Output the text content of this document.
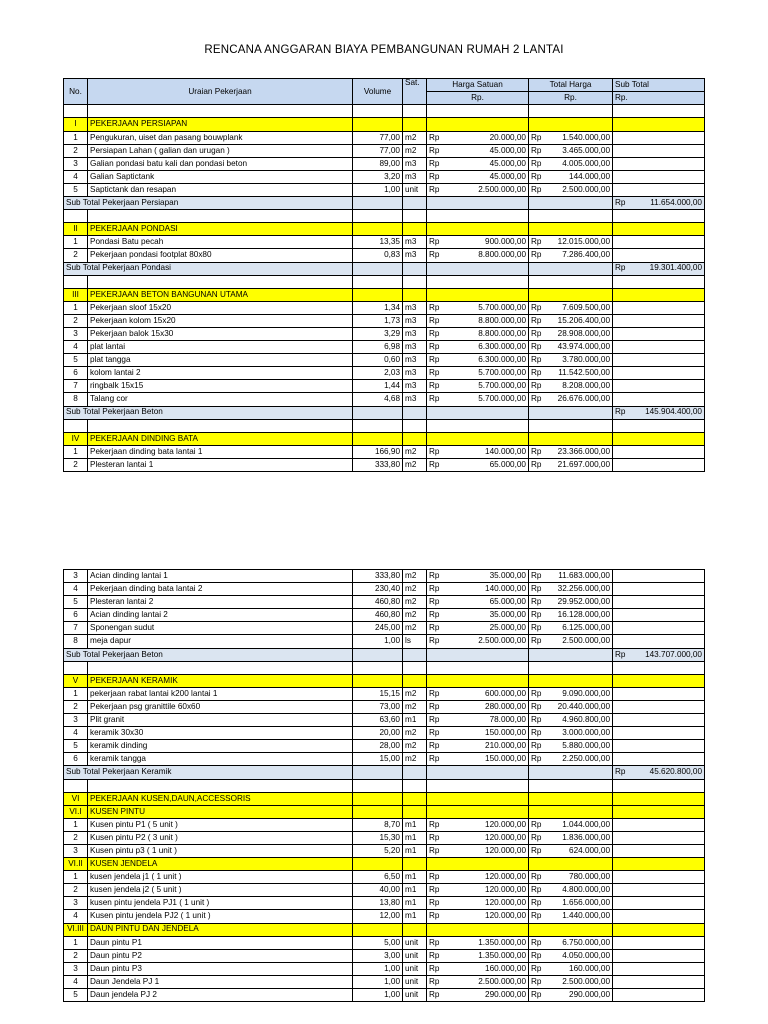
RENCANA ANGGARAN BIAYA PEMBANGUNAN RUMAH 2 LANTAI
No.	Uraian Pekerjaan	Volume	Sat.	Harga Satuan	Total Harga	Sub Total
				Rp.	Rp.	Rp.

I	PEKERJAAN PERSIAPAN					
1	Pengukuran, uiset dan pasang bouwplank	77,00	m2	Rp 20.000,00	Rp 1.540.000,00	

2	Persiapan Lahan ( galian dan urugan )	77,00	m2	Rp 45.000,00	Rp 3.465.000,00	

3	Galian pondasi batu kali dan pondasi beton	89,00	m3	Rp 45.000,00	Rp 4.005.000,00	

4	Galian Saptictank	3,20	m3	Rp 45.000,00	Rp 144.000,00	

5	Saptictank dan resapan	1,00	unit	Rp 2.500.000,00	Rp 2.500.000,00	

Sub Total Pekerjaan Persiapan						Rp 11.654.000,00

II	PEKERJAAN PONDASI					
1	Pondasi Batu pecah	13,35	m3	Rp 900.000,00	Rp 12.015.000,00	

2	Pekerjaan pondasi footplat 80x80	0,83	m3	Rp 8.800.000,00	Rp 7.286.400,00	

Sub Total Pekerjaan Pondasi						Rp 19.301.400,00

III	PEKERJAAN BETON BANGUNAN UTAMA					
1	Pekerjaan sloof 15x20	1,34	m3	Rp 5.700.000,00	Rp 7.609.500,00	

2	Pekerjaan kolom 15x20	1,73	m3	Rp 8.800.000,00	Rp 15.206.400,00	

3	Pekerjaan balok 15x30	3,29	m3	Rp 8.800.000,00	Rp 28.908.000,00	

4	plat lantai	6,98	m3	Rp 6.300.000,00	Rp 43.974.000,00	

5	plat tangga	0,60	m3	Rp 6.300.000,00	Rp 3.780.000,00	

6	kolom lantai 2	2,03	m3	Rp 5.700.000,00	Rp 11.542.500,00	

7	ringbalk 15x15	1,44	m3	Rp 5.700.000,00	Rp 8.208.000,00	

8	Talang cor	4,68	m3	Rp 5.700.000,00	Rp 26.676.000,00	

Sub Total Pekerjaan Beton						Rp 145.904.400,00

IV	PEKERJAAN DINDING BATA					
1	Pekerjaan dinding bata lantai 1	166,90	m2	Rp 140.000,00	Rp 23.366.000,00	

2	Plesteran lantai 1	333,80	m2	Rp 65.000,00	Rp 21.697.000,00	

3	Acian dinding lantai 1	333,80	m2	Rp 35.000,00	Rp 11.683.000,00	

4	Pekerjaan dinding bata lantai 2	230,40	m2	Rp 140.000,00	Rp 32.256.000,00	

5	Plesteran lantai 2	460,80	m2	Rp 65.000,00	Rp 29.952.000,00	

6	Acian dinding lantai 2	460,80	m2	Rp 35.000,00	Rp 16.128.000,00	

7	Sponengan sudut	245,00	m2	Rp 25.000,00	Rp 6.125.000,00	

8	meja dapur	1,00	ls	Rp 2.500.000,00	Rp 2.500.000,00	

Sub Total Pekerjaan Beton						Rp 143.707.000,00

V	PEKERJAAN KERAMIK					
1	pekerjaan rabat lantai k200 lantai 1	15,15	m2	Rp 600.000,00	Rp 9.090.000,00	

2	Pekerjaan psg granittile 60x60	73,00	m2	Rp 280.000,00	Rp 20.440.000,00	

3	Plit granit	63,60	m1	Rp 78.000,00	Rp 4.960.800,00	

4	keramik 30x30	20,00	m2	Rp 150.000,00	Rp 3.000.000,00	

5	keramik dinding	28,00	m2	Rp 210.000,00	Rp 5.880.000,00	

6	keramik tangga	15,00	m2	Rp 150.000,00	Rp 2.250.000,00	

Sub Total Pekerjaan Keramik						Rp 45.620.800,00

VI	PEKERJAAN KUSEN,DAUN,ACCESSORIS					
VI.I	KUSEN PINTU					
1	Kusen pintu P1 ( 5 unit )	8,70	m1	Rp 120.000,00	Rp 1.044.000,00	

2	Kusen pintu P2 ( 3 unit )	15,30	m1	Rp 120.000,00	Rp 1.836.000,00	

3	Kusen pintu p3 ( 1 unit )	5,20	m1	Rp 120.000,00	Rp 624.000,00	

VI.II	KUSEN JENDELA					
1	kusen jendela j1 ( 1 unit )	6,50	m1	Rp 120.000,00	Rp 780.000,00	

2	kusen jendela j2 ( 5 unit )	40,00	m1	Rp 120.000,00	Rp 4.800.000,00	

3	kusen pintu jendela PJ1 ( 1 unit )	13,80	m1	Rp 120.000,00	Rp 1.656.000,00	

4	Kusen pintu jendela PJ2 ( 1 unit )	12,00	m1	Rp 120.000,00	Rp 1.440.000,00	

VI.III	DAUN PINTU DAN JENDELA					
1	Daun pintu P1	5,00	unit	Rp 1.350.000,00	Rp 6.750.000,00	

2	Daun pintu P2	3,00	unit	Rp 1.350.000,00	Rp 4.050.000,00	

3	Daun pintu P3	1,00	unit	Rp 160.000,00	Rp 160.000,00	

4	Daun Jendela PJ 1	1,00	unit	Rp 2.500.000,00	Rp 2.500.000,00	

5	Daun jendela PJ 2	1,00	unit	Rp 290.000,00	Rp 290.000,00	
